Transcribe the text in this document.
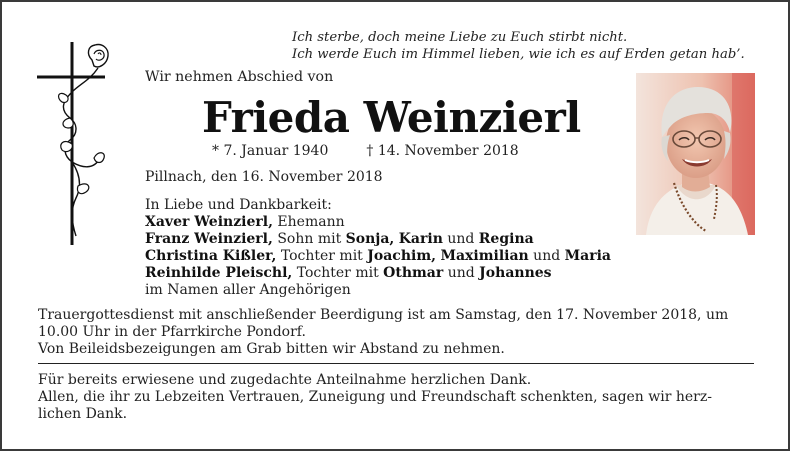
Ich sterbe, doch meine Liebe zu Euch stirbt nicht.
Ich werde Euch im Himmel lieben, wie ich es auf Erden getan hab’.
Wir nehmen Abschied von
Frieda Weinzierl
* 7. Januar 1940	† 14. November 2018
Pillnach, den 16. November 2018
In Liebe und Dankbarkeit:
Xaver Weinzierl, Ehemann
Franz Weinzierl, Sohn mit Sonja, Karin und Regina
Christina Kißler, Tochter mit Joachim, Maximilian und Maria
Reinhilde Pleischl, Tochter mit Othmar und Johannes
im Namen aller Angehörigen
Trauergottesdienst mit anschließender Beerdigung ist am Samstag, den 17. November 2018, um
10.00 Uhr in der Pfarrkirche Pondorf.
Von Beileidsbezeigungen am Grab bitten wir Abstand zu nehmen.
Für bereits erwiesene und zugedachte Anteilnahme herzlichen Dank.
Allen, die ihr zu Lebzeiten Vertrauen, Zuneigung und Freundschaft schenkten, sagen wir herz-
lichen Dank.
